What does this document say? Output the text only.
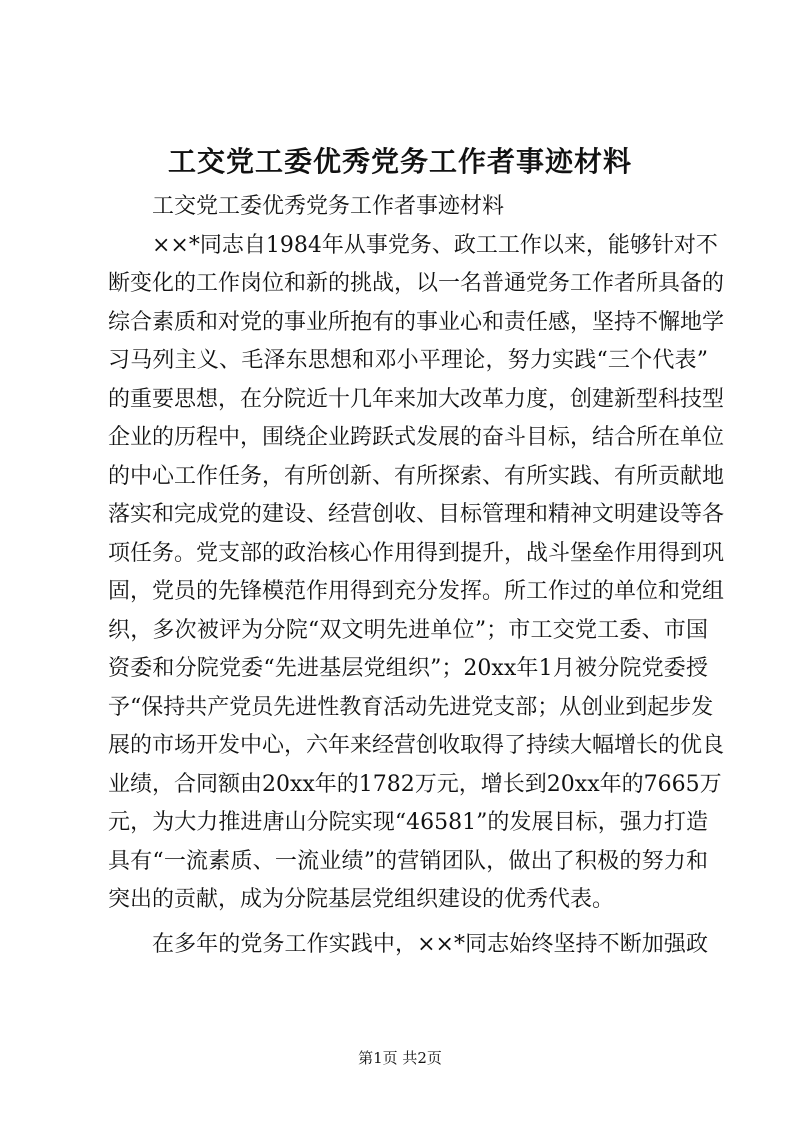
工交党工委优秀党务工作者事迹材料

工交党工委优秀党务工作者事迹材料

××*同志自1984年从事党务、政工工作以来，能够针对不

断变化的工作岗位和新的挑战，以一名普通党务工作者所具备的

综合素质和对党的事业所抱有的事业心和责任感，坚持不懈地学

习马列主义、毛泽东思想和邓小平理论，努力实践“三个代表”

的重要思想，在分院近十几年来加大改革力度，创建新型科技型

企业的历程中，围绕企业跨跃式发展的奋斗目标，结合所在单位

的中心工作任务，有所创新、有所探索、有所实践、有所贡献地

落实和完成党的建设、经营创收、目标管理和精神文明建设等各

项任务。党支部的政治核心作用得到提升，战斗堡垒作用得到巩

固，党员的先锋模范作用得到充分发挥。所工作过的单位和党组

织，多次被评为分院“双文明先进单位”；市工交党工委、市国

资委和分院党委“先进基层党组织”；20xx年1月被分院党委授

予“保持共产党员先进性教育活动先进党支部；从创业到起步发

展的市场开发中心，六年来经营创收取得了持续大幅增长的优良

业绩，合同额由20xx年的1782万元，增长到20xx年的7665万

元，为大力推进唐山分院实现“46581”的发展目标，强力打造

具有“一流素质、一流业绩”的营销团队，做出了积极的努力和

突出的贡献，成为分院基层党组织建设的优秀代表。

在多年的党务工作实践中，××*同志始终坚持不断加强政

第1页 共2页
